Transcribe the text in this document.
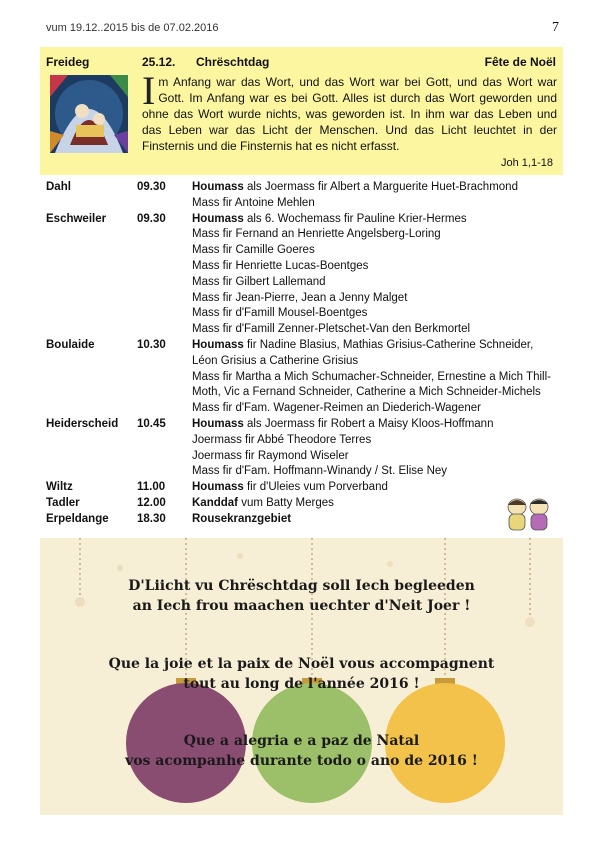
vum 19.12..2015 bis de 07.02.2016	7
Freideg	25.12. Chrëschtdag	Fête de Noël
Im Anfang war das Wort, und das Wort war bei Gott, und das Wort war Gott. Im Anfang war es bei Gott. Alles ist durch das Wort geworden und ohne das Wort wurde nichts, was geworden ist. In ihm war das Leben und das Leben war das Licht der Menschen. Und das Licht leuchtet in der Finsternis und die Finsternis hat es nicht erfasst.
Joh 1,1-18
Dahl	09.30	Houmass als Joermass fir Albert a Marguerite Huet-Brachmond
Mass fir Antoine Mehlen
Eschweiler	09.30	Houmass als 6. Wochemass fir Pauline Krier-Hermes
Mass fir Fernand an Henriette Angelsberg-Loring
Mass fir Camille Goeres
Mass fir Henriette Lucas-Boentges
Mass fir Gilbert Lallemand
Mass fir Jean-Pierre, Jean a Jenny Malget
Mass fir d'Famill Mousel-Boentges
Mass fir d'Famill Zenner-Pletschet-Van den Berkmortel
Boulaide	10.30	Houmass fir Nadine Blasius, Mathias Grisius-Catherine Schneider,
Léon Grisius a Catherine Grisius
Mass fir Martha a Mich Schumacher-Schneider, Ernestine a Mich Thill-
Moth, Vic a Fernand Schneider, Catherine a Mich Schneider-Michels
Mass fir d'Fam. Wagener-Reimen an Diederich-Wagener
Heiderscheid	10.45	Houmass als Joermass fir Robert a Maisy Kloos-Hoffmann
Joermass fir Abbé Theodore Terres
Joermass fir Raymond Wiseler
Mass fir d'Fam. Hoffmann-Winandy / St. Elise Ney
Wiltz	11.00	Houmass fir d'Uleies vum Porverband
Tadler	12.00	Kanddaf vum Batty Merges
Erpeldange	18.30	Rousekranzgebiet
D'Liicht vu Chrëschtdag soll Iech begleeden
an Iech frou maachen uechter d'Neit Joer !
Que la joie et la paix de Noël vous accompagnent
tout au long de l'année 2016 !
Que a alegria e a paz de Natal
vos acompanhe durante todo o ano de 2016 !
